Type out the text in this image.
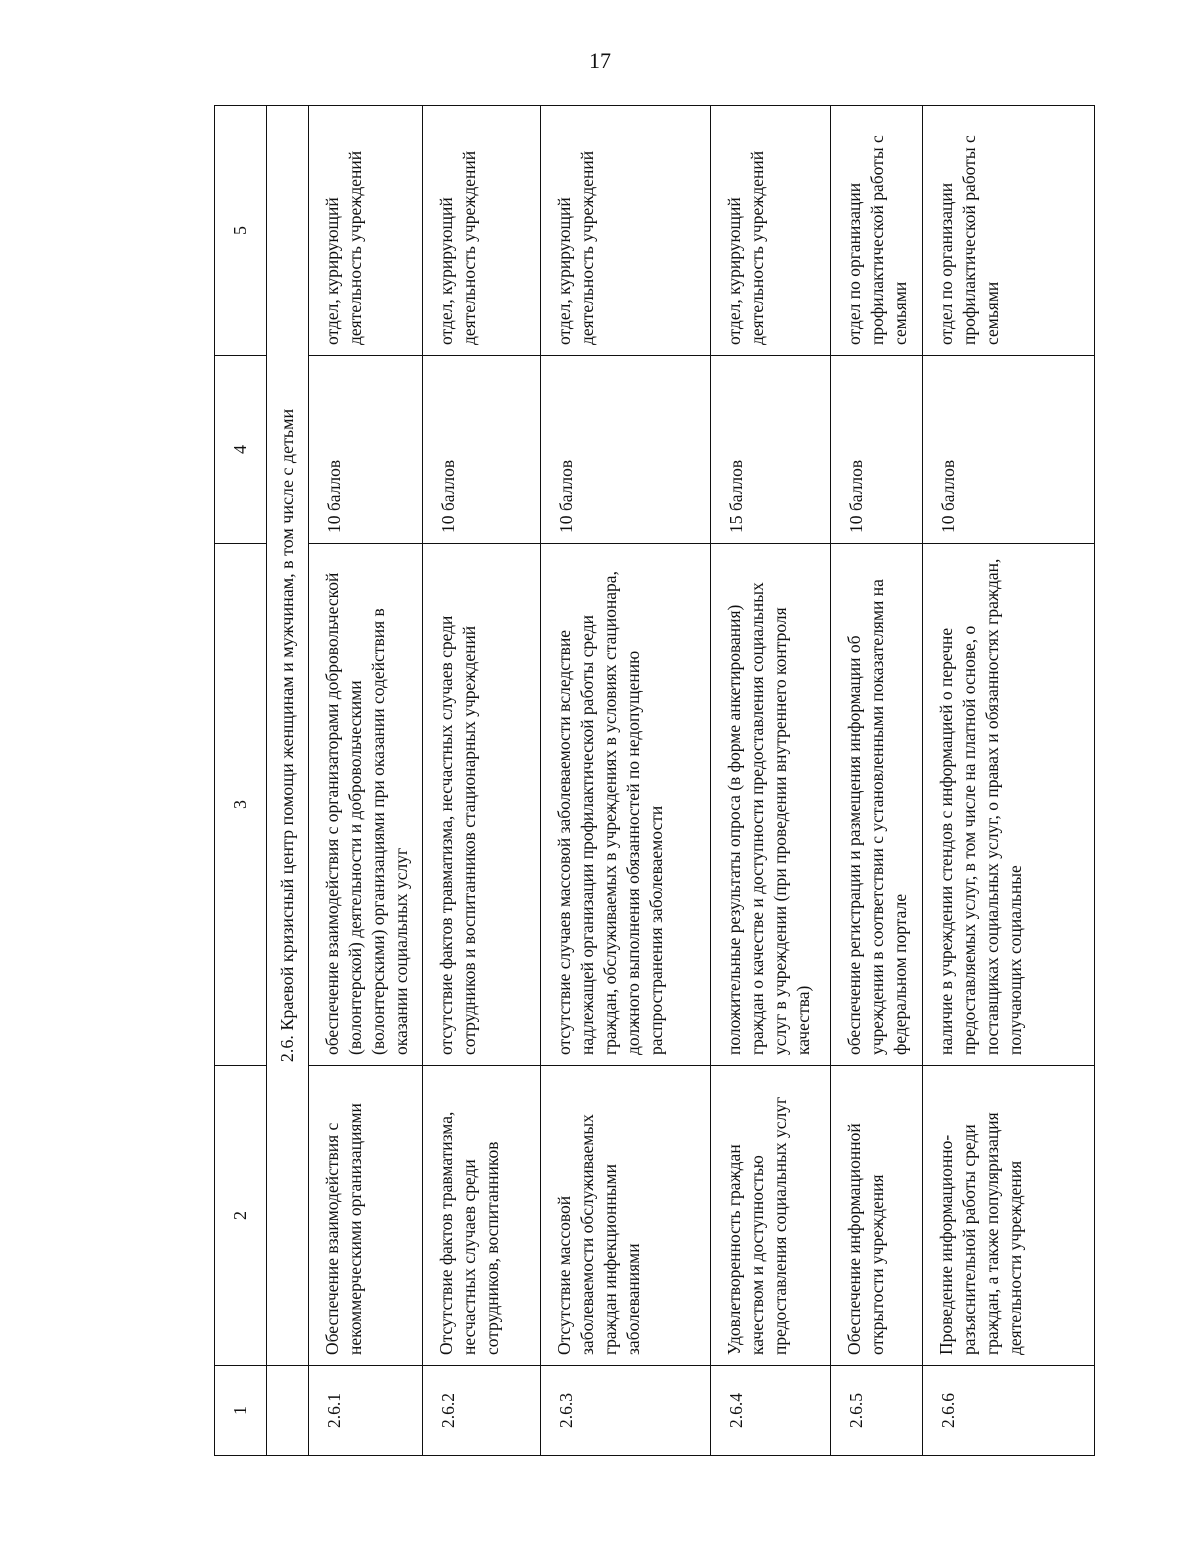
17
1	2	3	4	5
	2.6. Краевой кризисный центр помощи женщинам и мужчинам, в том числе с детьми			
2.6.1	Обеспечение взаимодействия с некоммерческими организациями	обеспечение взаимодействия с организаторами добровольческой (волонтерской) деятельности и добровольческими (волонтерскими) организациями при оказании содействия в оказании социальных услуг	10 баллов	отдел, курирующий деятельность учреждений
2.6.2	Отсутствие фактов травматизма, несчастных случаев среди сотрудников, воспитанников	отсутствие фактов травматизма, несчастных случаев среди сотрудников и воспитанников стационарных учреждений	10 баллов	отдел, курирующий деятельность учреждений
2.6.3	Отсутствие массовой заболеваемости обслуживаемых граждан инфекционными заболеваниями	отсутствие случаев массовой заболеваемости вследствие надлежащей организации профилактической работы среди граждан, обслуживаемых в учреждениях в условиях стационара, должного выполнения обязанностей по недопущению распространения заболеваемости	10 баллов	отдел, курирующий деятельность учреждений
2.6.4	Удовлетворенность граждан качеством и доступностью предоставления социальных услуг	положительные результаты опроса (в форме анкетирования) граждан о качестве и доступности предоставления социальных услуг в учреждении (при проведении внутреннего контроля качества)	15 баллов	отдел, курирующий деятельность учреждений
2.6.5	Обеспечение информационной открытости учреждения	обеспечение регистрации и размещения информации об учреждении в соответствии с установленными показателями на федеральном портале	10 баллов	отдел по организации профилактической работы с семьями
2.6.6	Проведение информационно-разъяснительной работы среди граждан, а также популяризация деятельности учреждения	наличие в учреждении стендов с информацией о перечне предоставляемых услуг, в том числе на платной основе, о поставщиках социальных услуг, о правах и обязанностях граждан, получающих социальные	10 баллов	отдел по организации профилактической работы с семьями
